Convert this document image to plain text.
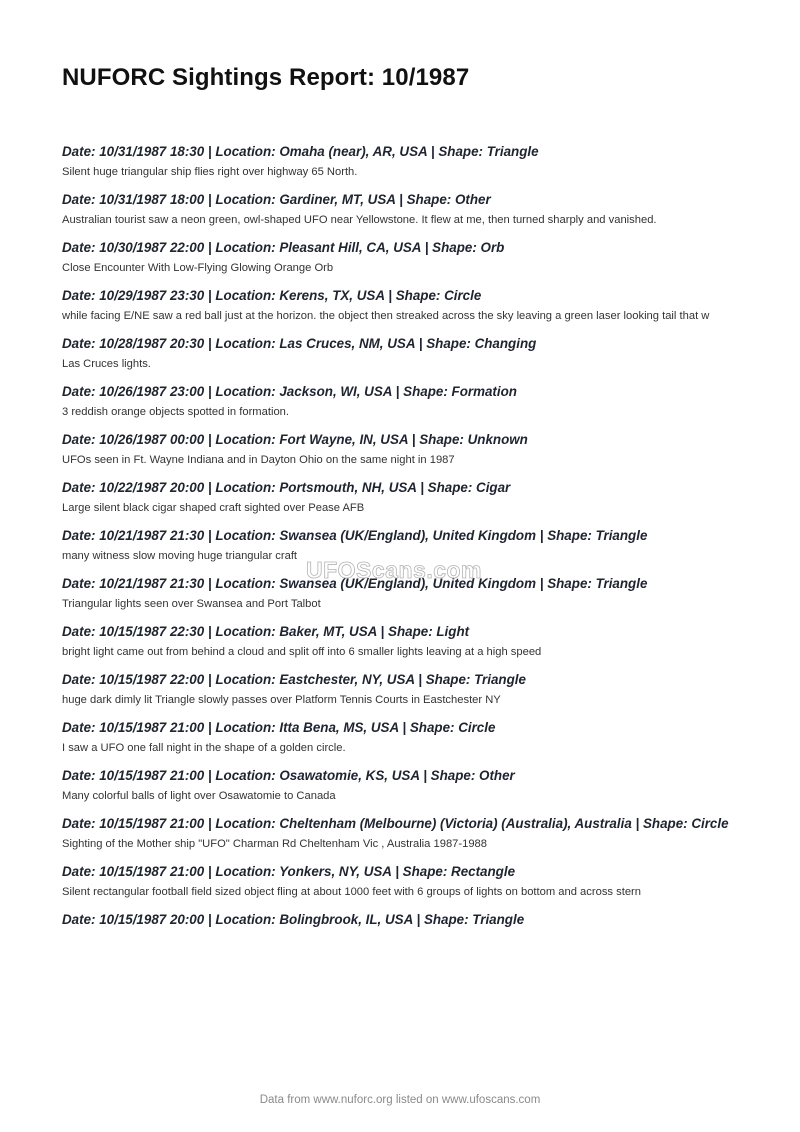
NUFORC Sightings Report: 10/1987
Date: 10/31/1987 18:30 | Location: Omaha (near), AR, USA | Shape: Triangle
Silent huge triangular ship flies right over highway 65 North.
Date: 10/31/1987 18:00 | Location: Gardiner, MT, USA | Shape: Other
Australian tourist saw a neon green, owl-shaped UFO near Yellowstone. It flew at me, then turned sharply and vanished.
Date: 10/30/1987 22:00 | Location: Pleasant Hill, CA, USA | Shape: Orb
Close Encounter With Low-Flying Glowing Orange Orb
Date: 10/29/1987 23:30 | Location: Kerens, TX, USA | Shape: Circle
while facing E/NE saw a red ball just at the horizon. the object then streaked across the sky leaving a green laser looking tail that w
Date: 10/28/1987 20:30 | Location: Las Cruces, NM, USA | Shape: Changing
Las Cruces lights.
Date: 10/26/1987 23:00 | Location: Jackson, WI, USA | Shape: Formation
3 reddish orange objects spotted in formation.
Date: 10/26/1987 00:00 | Location: Fort Wayne, IN, USA | Shape: Unknown
UFOs seen in Ft. Wayne Indiana and in Dayton Ohio on the same night in 1987
Date: 10/22/1987 20:00 | Location: Portsmouth, NH, USA | Shape: Cigar
Large silent black cigar shaped craft sighted over Pease AFB
Date: 10/21/1987 21:30 | Location: Swansea (UK/England), United Kingdom | Shape: Triangle
many witness slow moving huge triangular craft
Date: 10/21/1987 21:30 | Location: Swansea (UK/England), United Kingdom | Shape: Triangle
Triangular lights seen over Swansea and Port Talbot
Date: 10/15/1987 22:30 | Location: Baker, MT, USA | Shape: Light
bright light came out from behind a cloud and split off into 6 smaller lights leaving at a high speed
Date: 10/15/1987 22:00 | Location: Eastchester, NY, USA | Shape: Triangle
huge dark dimly lit Triangle slowly passes over Platform Tennis Courts in Eastchester NY
Date: 10/15/1987 21:00 | Location: Itta Bena, MS, USA | Shape: Circle
I saw a UFO one fall night in the shape of a golden circle.
Date: 10/15/1987 21:00 | Location: Osawatomie, KS, USA | Shape: Other
Many colorful balls of light over Osawatomie to Canada
Date: 10/15/1987 21:00 | Location: Cheltenham (Melbourne) (Victoria) (Australia), Australia | Shape: Circle
Sighting of the Mother ship "UFO" Charman Rd Cheltenham Vic , Australia 1987-1988
Date: 10/15/1987 21:00 | Location: Yonkers, NY, USA | Shape: Rectangle
Silent rectangular football field sized object fling at about 1000 feet with 6 groups of lights on bottom and across stern
Date: 10/15/1987 20:00 | Location: Bolingbrook, IL, USA | Shape: Triangle
UFOScans.com
Data from www.nuforc.org listed on www.ufoscans.com
